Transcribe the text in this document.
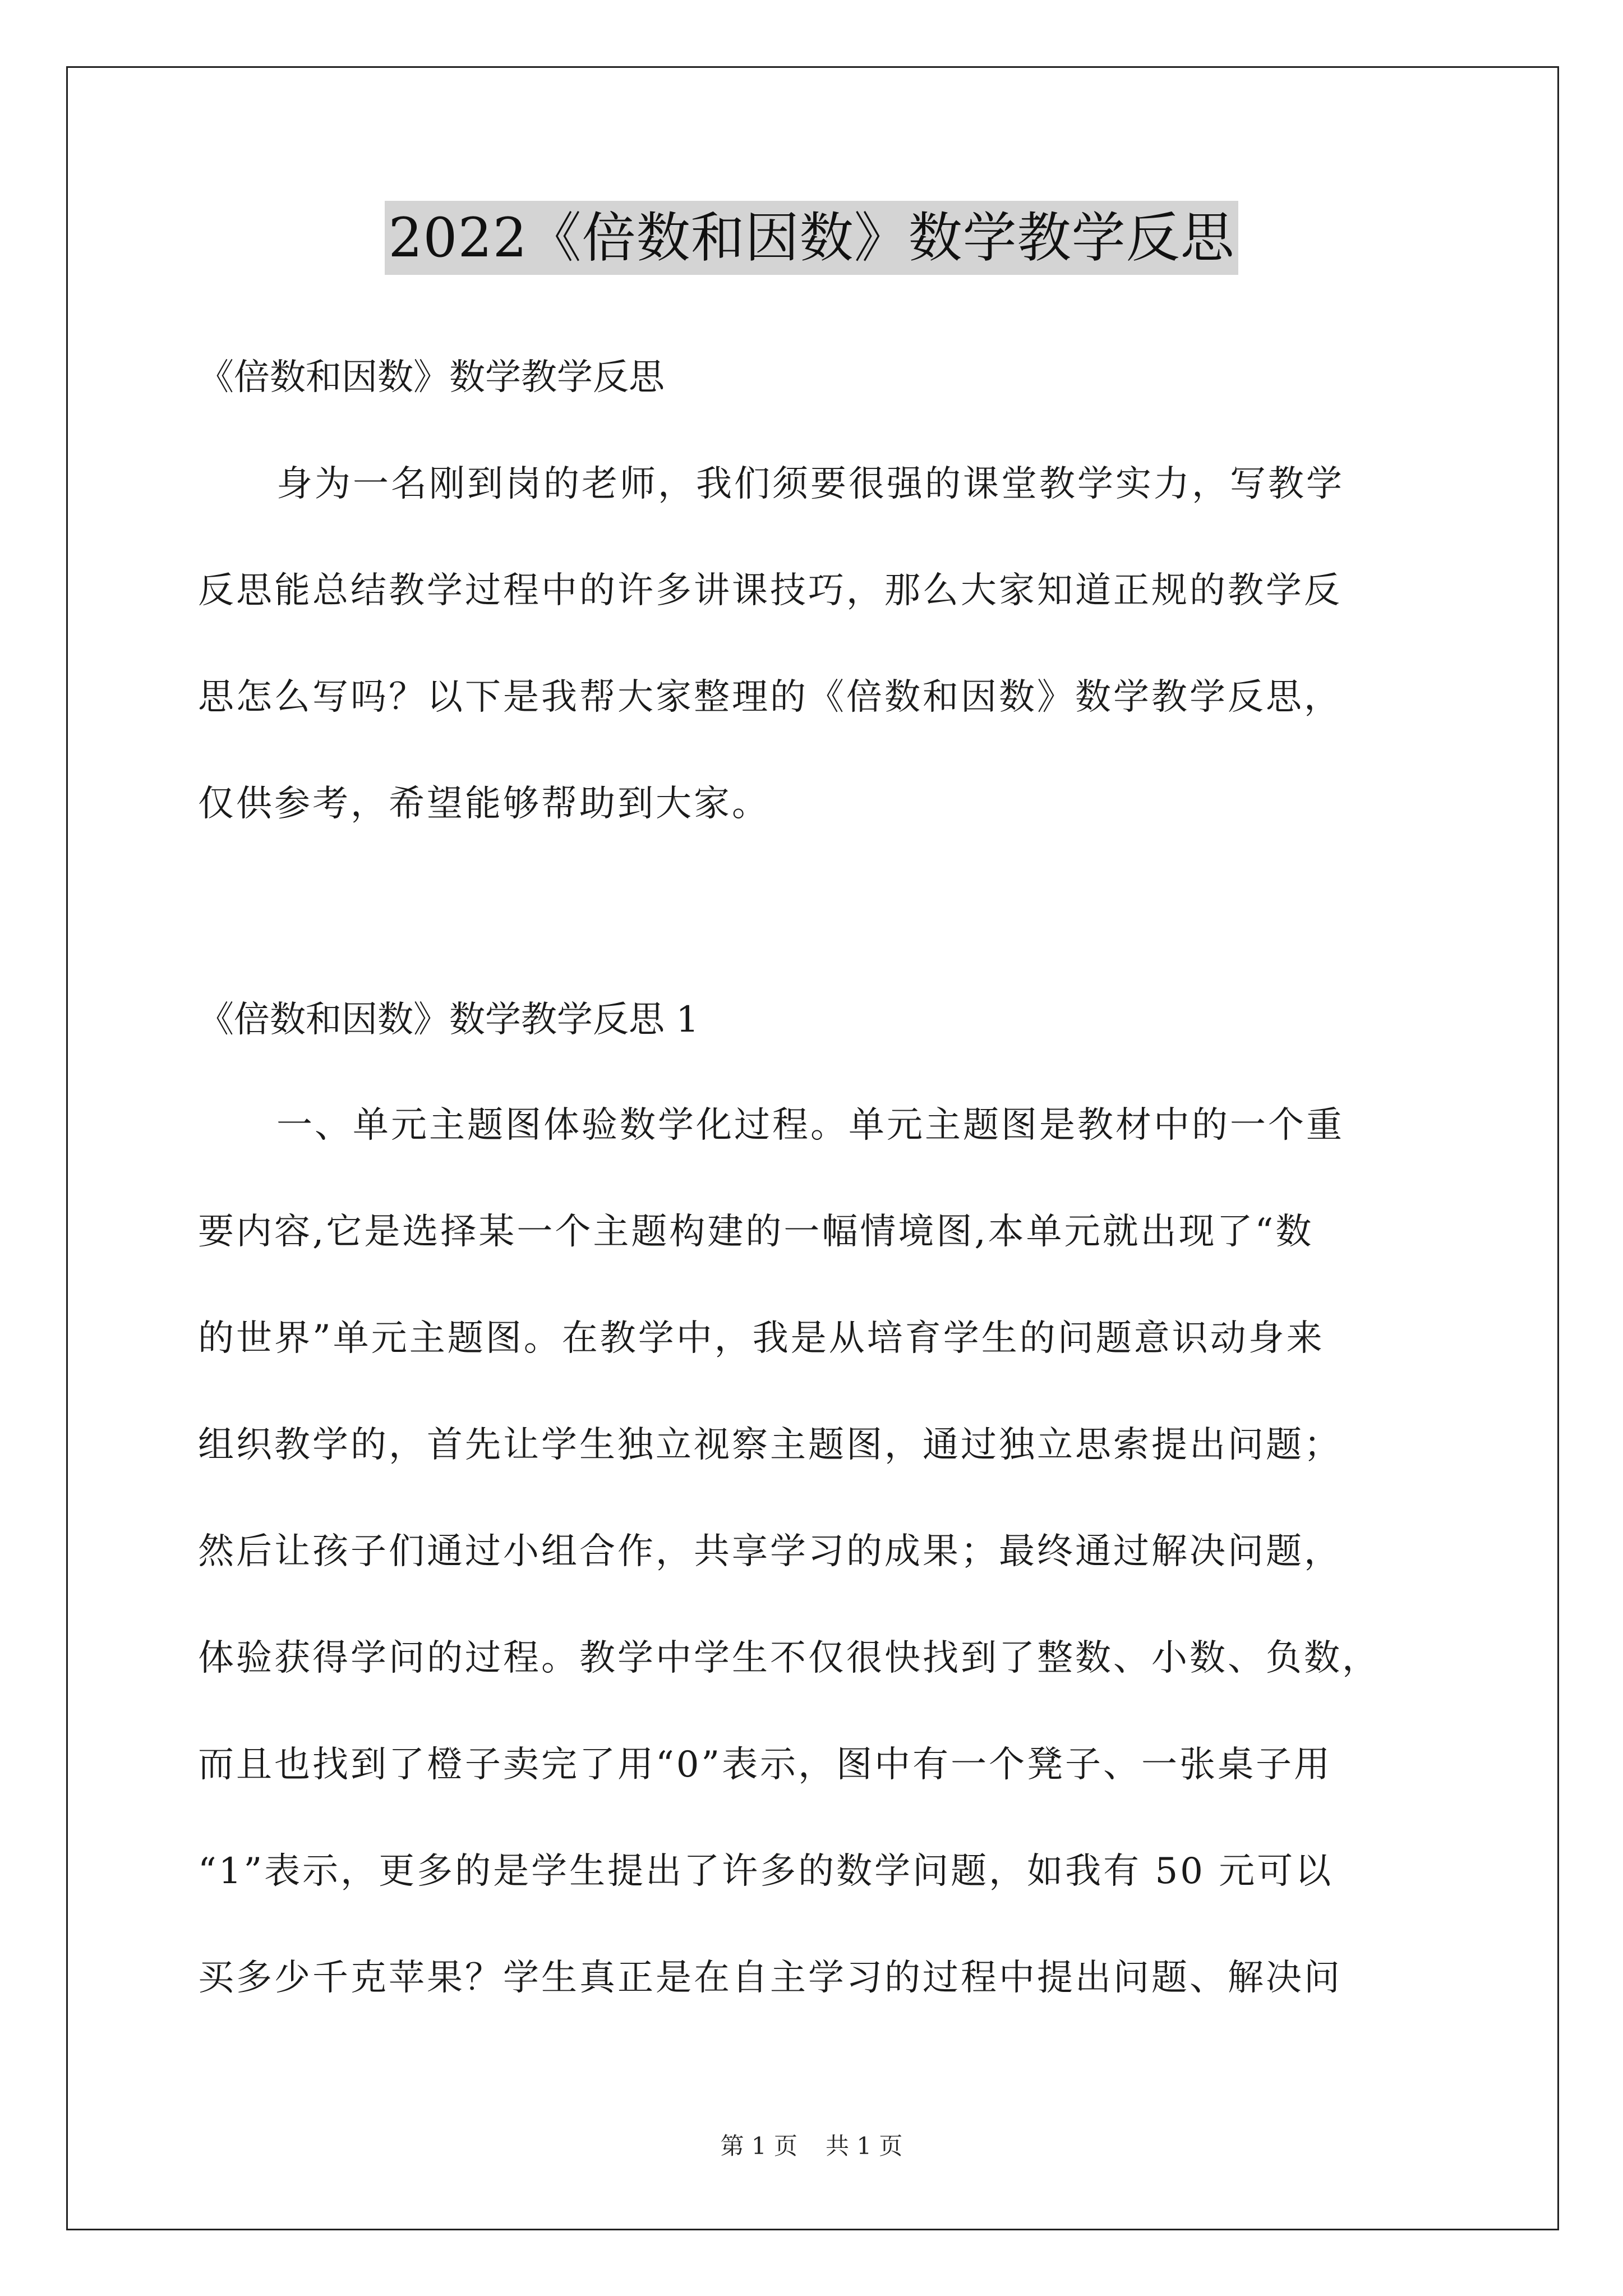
2022《倍数和因数》数学教学反思
《倍数和因数》数学教学反思
身为一名刚到岗的老师，我们须要很强的课堂教学实力，写教学
反思能总结教学过程中的许多讲课技巧，那么大家知道正规的教学反
思怎么写吗？以下是我帮大家整理的《倍数和因数》数学教学反思，
仅供参考，希望能够帮助到大家。
《倍数和因数》数学教学反思 1
一、单元主题图体验数学化过程。单元主题图是教材中的一个重
要内容,它是选择某一个主题构建的一幅情境图,本单元就出现了“数
的世界”单元主题图。在教学中，我是从培育学生的问题意识动身来
组织教学的，首先让学生独立视察主题图，通过独立思索提出问题；
然后让孩子们通过小组合作，共享学习的成果；最终通过解决问题，
体验获得学问的过程。教学中学生不仅很快找到了整数、小数、负数，
而且也找到了橙子卖完了用“0”表示，图中有一个凳子、一张桌子用
“1”表示，更多的是学生提出了许多的数学问题，如我有 50 元可以
买多少千克苹果？学生真正是在自主学习的过程中提出问题、解决问
第 1 页 共 1 页
